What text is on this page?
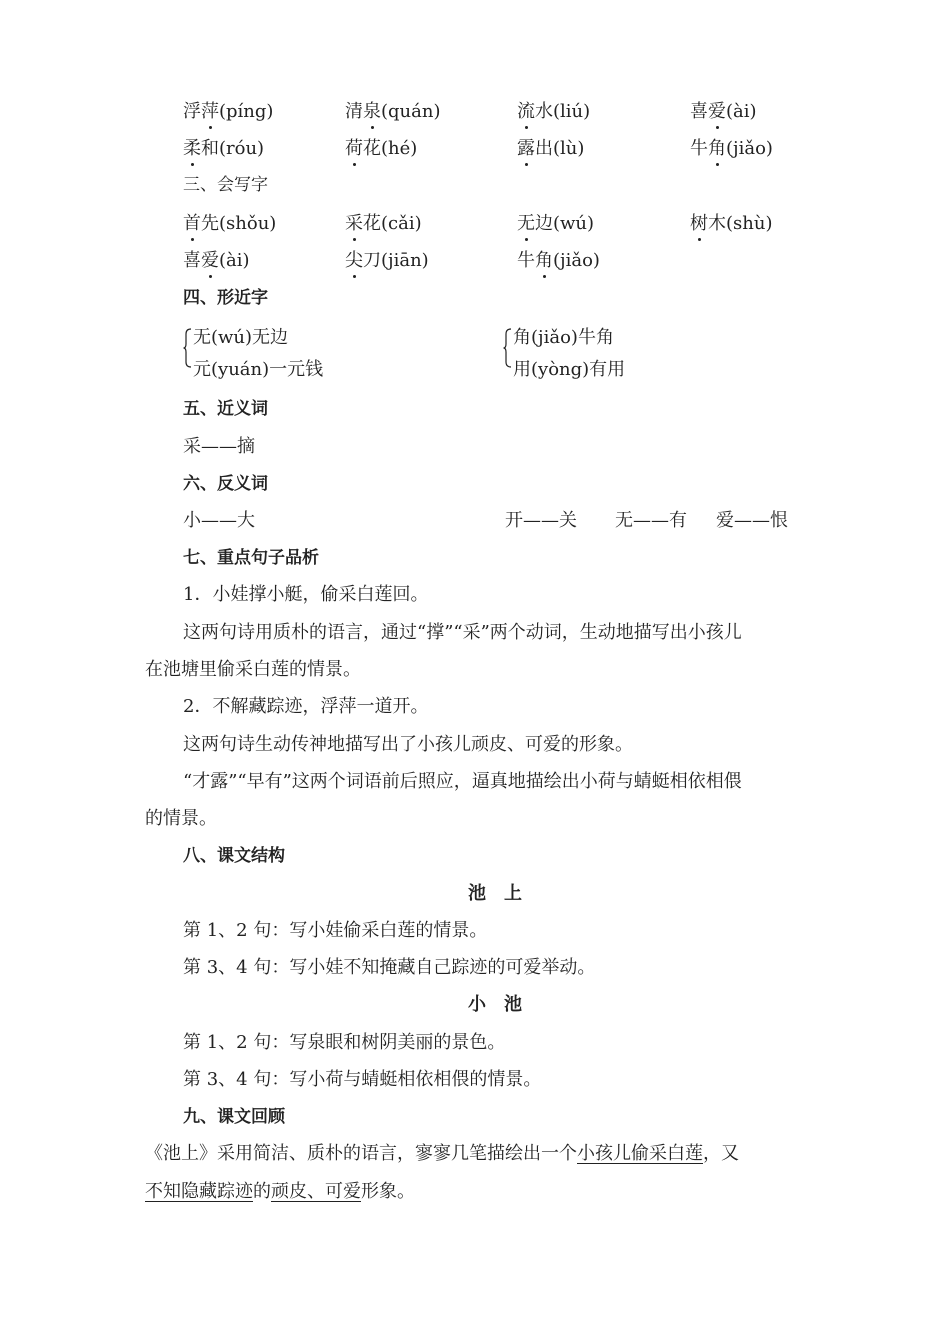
浮萍(píng)	清泉(quán)	流水(liú)	喜爱(ài)
柔和(róu)	荷花(hé)	露出(lù)	牛角(jiǎo)
三、会写字
首先(shǒu)	采花(cǎi)	无边(wú)	树木(shù)
喜爱(ài)	尖刀(jiān)	牛角(jiǎo)
四、形近字
无(wú)无边
元(yuán)一元钱
角(jiǎo)牛角
用(yòng)有用
五、近义词
采——摘
六、反义词
小——大	开——关 无——有 爱——恨
七、重点句子品析
1．小娃撑小艇，偷采白莲回。
这两句诗用质朴的语言，通过“撑”“采”两个动词，生动地描写出小孩儿
在池塘里偷采白莲的情景。
2．不解藏踪迹，浮萍一道开。
这两句诗生动传神地描写出了小孩儿顽皮、可爱的形象。
“才露”“早有”这两个词语前后照应，逼真地描绘出小荷与蜻蜓相依相偎
的情景。
八、课文结构
池　上
第 1、2 句：写小娃偷采白莲的情景。
第 3、4 句：写小娃不知掩藏自己踪迹的可爱举动。
小　池
第 1、2 句：写泉眼和树阴美丽的景色。
第 3、4 句：写小荷与蜻蜓相依相偎的情景。
九、课文回顾
《池上》采用简洁、质朴的语言，寥寥几笔描绘出一个小孩儿偷采白莲，又
不知隐藏踪迹的顽皮、可爱形象。
